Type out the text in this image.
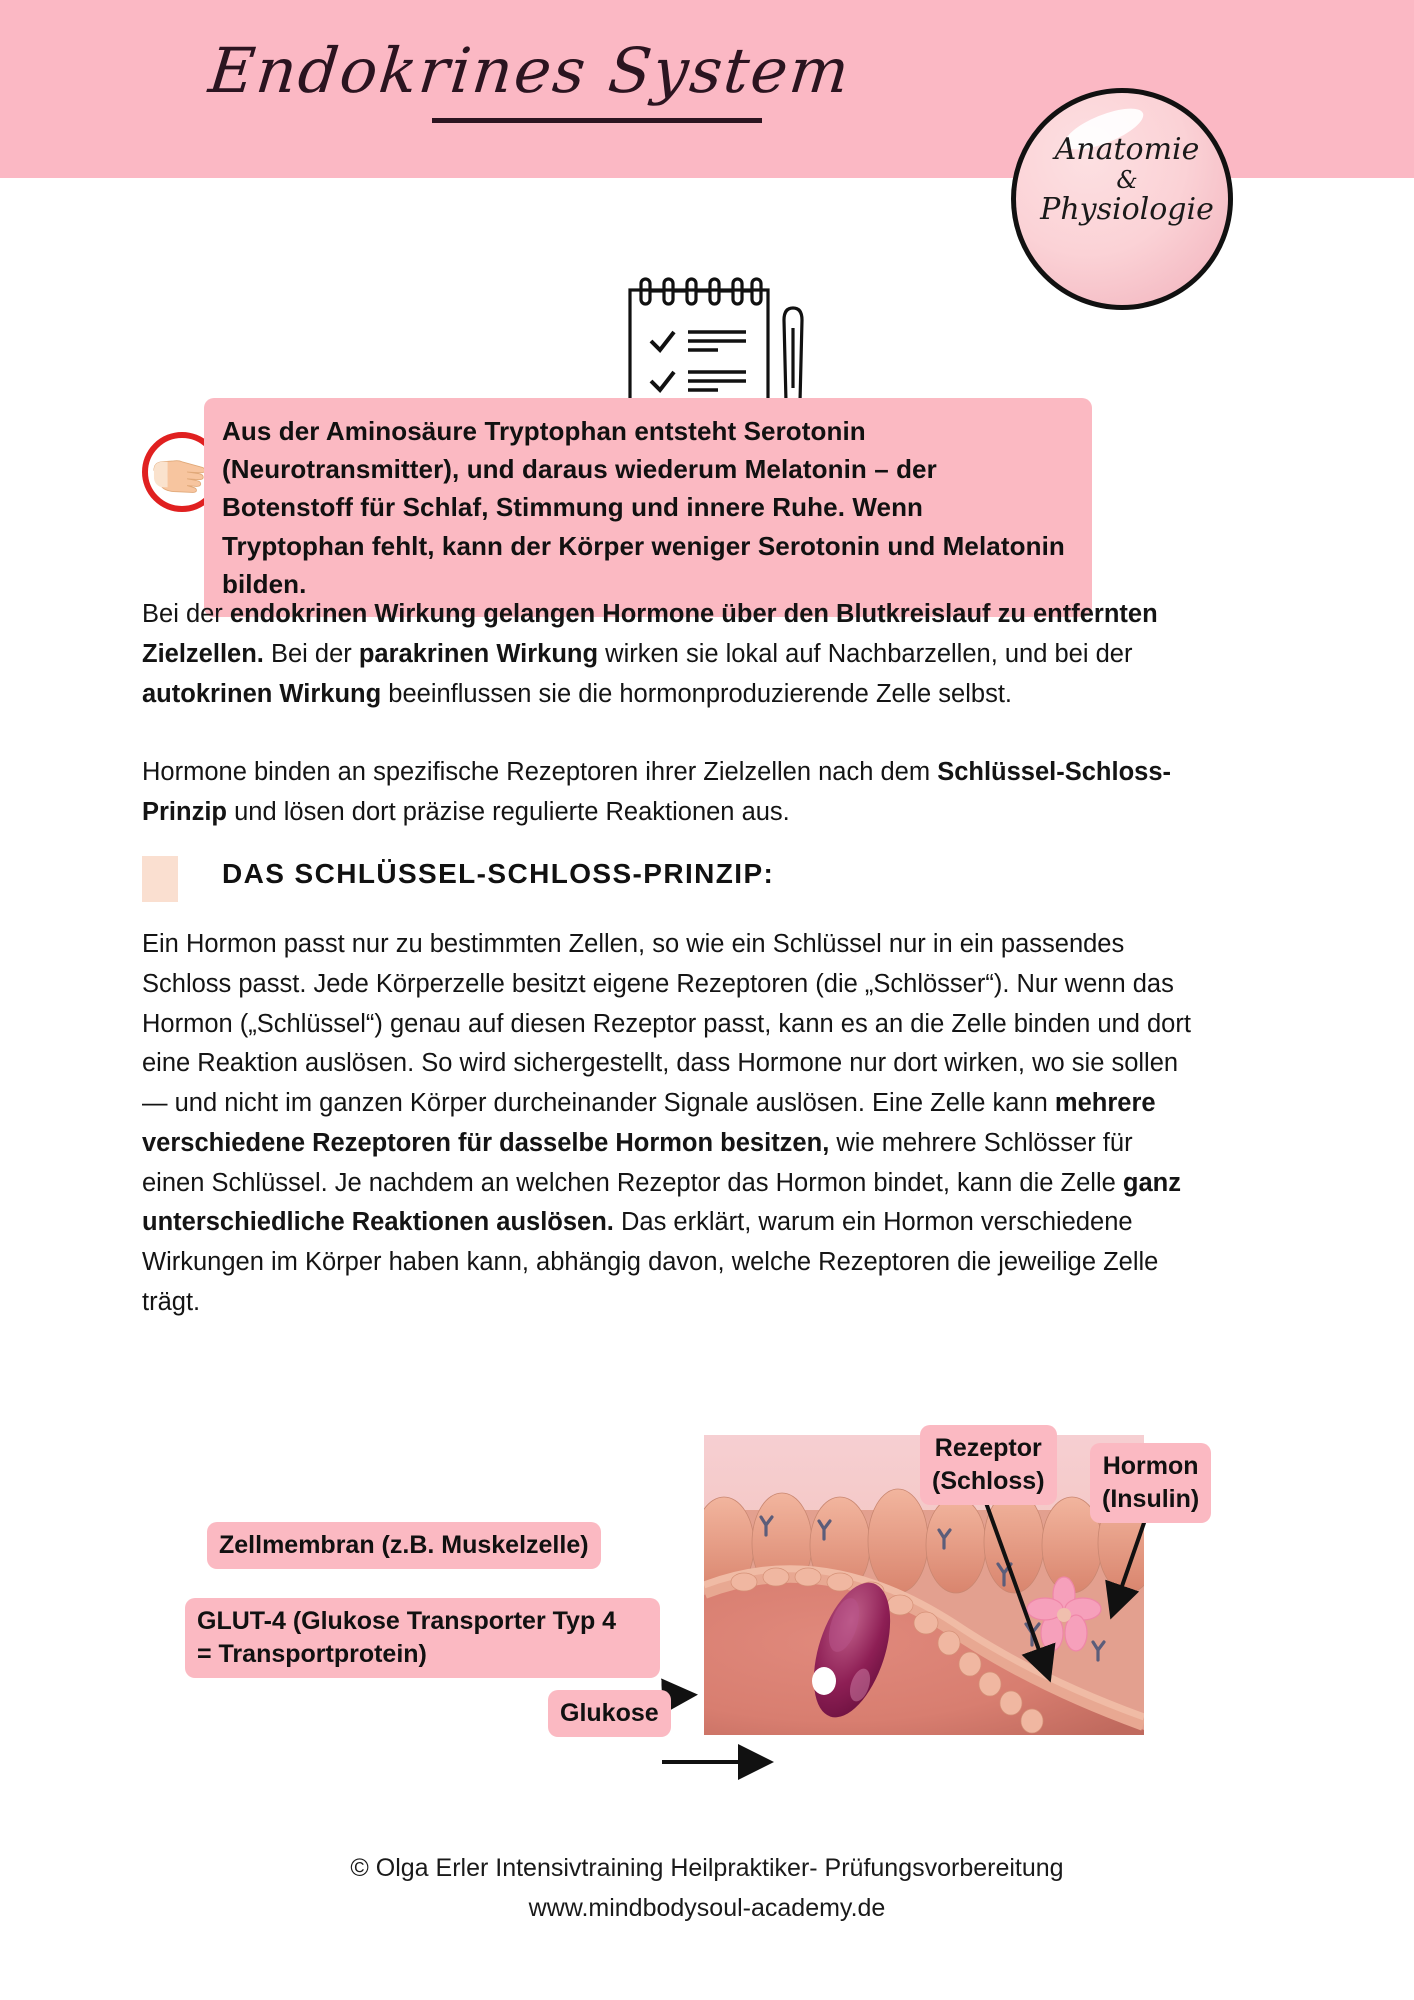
Endokrines System
Anatomie
&
Physiologie
Aus der Aminosäure Tryptophan entsteht Serotonin (Neurotransmitter), und daraus wiederum Melatonin – der Botenstoff für Schlaf, Stimmung und innere Ruhe. Wenn Tryptophan fehlt, kann der Körper weniger Serotonin und Melatonin bilden.
Bei der endokrinen Wirkung gelangen Hormone über den Blutkreislauf zu entfernten Zielzellen. Bei der parakrinen Wirkung wirken sie lokal auf Nachbarzellen, und bei der autokrinen Wirkung beeinflussen sie die hormonproduzierende Zelle selbst.
Hormone binden an spezifische Rezeptoren ihrer Zielzellen nach dem Schlüssel-Schloss-Prinzip und lösen dort präzise regulierte Reaktionen aus.
DAS SCHLÜSSEL-SCHLOSS-PRINZIP:
Ein Hormon passt nur zu bestimmten Zellen, so wie ein Schlüssel nur in ein passendes Schloss passt. Jede Körperzelle besitzt eigene Rezeptoren (die „Schlösser“). Nur wenn das Hormon („Schlüssel“) genau auf diesen Rezeptor passt, kann es an die Zelle binden und dort eine Reaktion auslösen. So wird sichergestellt, dass Hormone nur dort wirken, wo sie sollen — und nicht im ganzen Körper durcheinander Signale auslösen. Eine Zelle kann mehrere verschiedene Rezeptoren für dasselbe Hormon besitzen, wie mehrere Schlösser für einen Schlüssel. Je nachdem an welchen Rezeptor das Hormon bindet, kann die Zelle ganz unterschiedliche Reaktionen auslösen. Das erklärt, warum ein Hormon verschiedene Wirkungen im Körper haben kann, abhängig davon, welche Rezeptoren die jeweilige Zelle trägt.
Rezeptor
(Schloss)
Hormon
(Insulin)
Zellmembran (z.B. Muskelzelle)
GLUT-4 (Glukose Transporter Typ 4
= Transportprotein)
Glukose
© Olga Erler Intensivtraining Heilpraktiker- Prüfungsvorbereitung
www.mindbodysoul-academy.de
